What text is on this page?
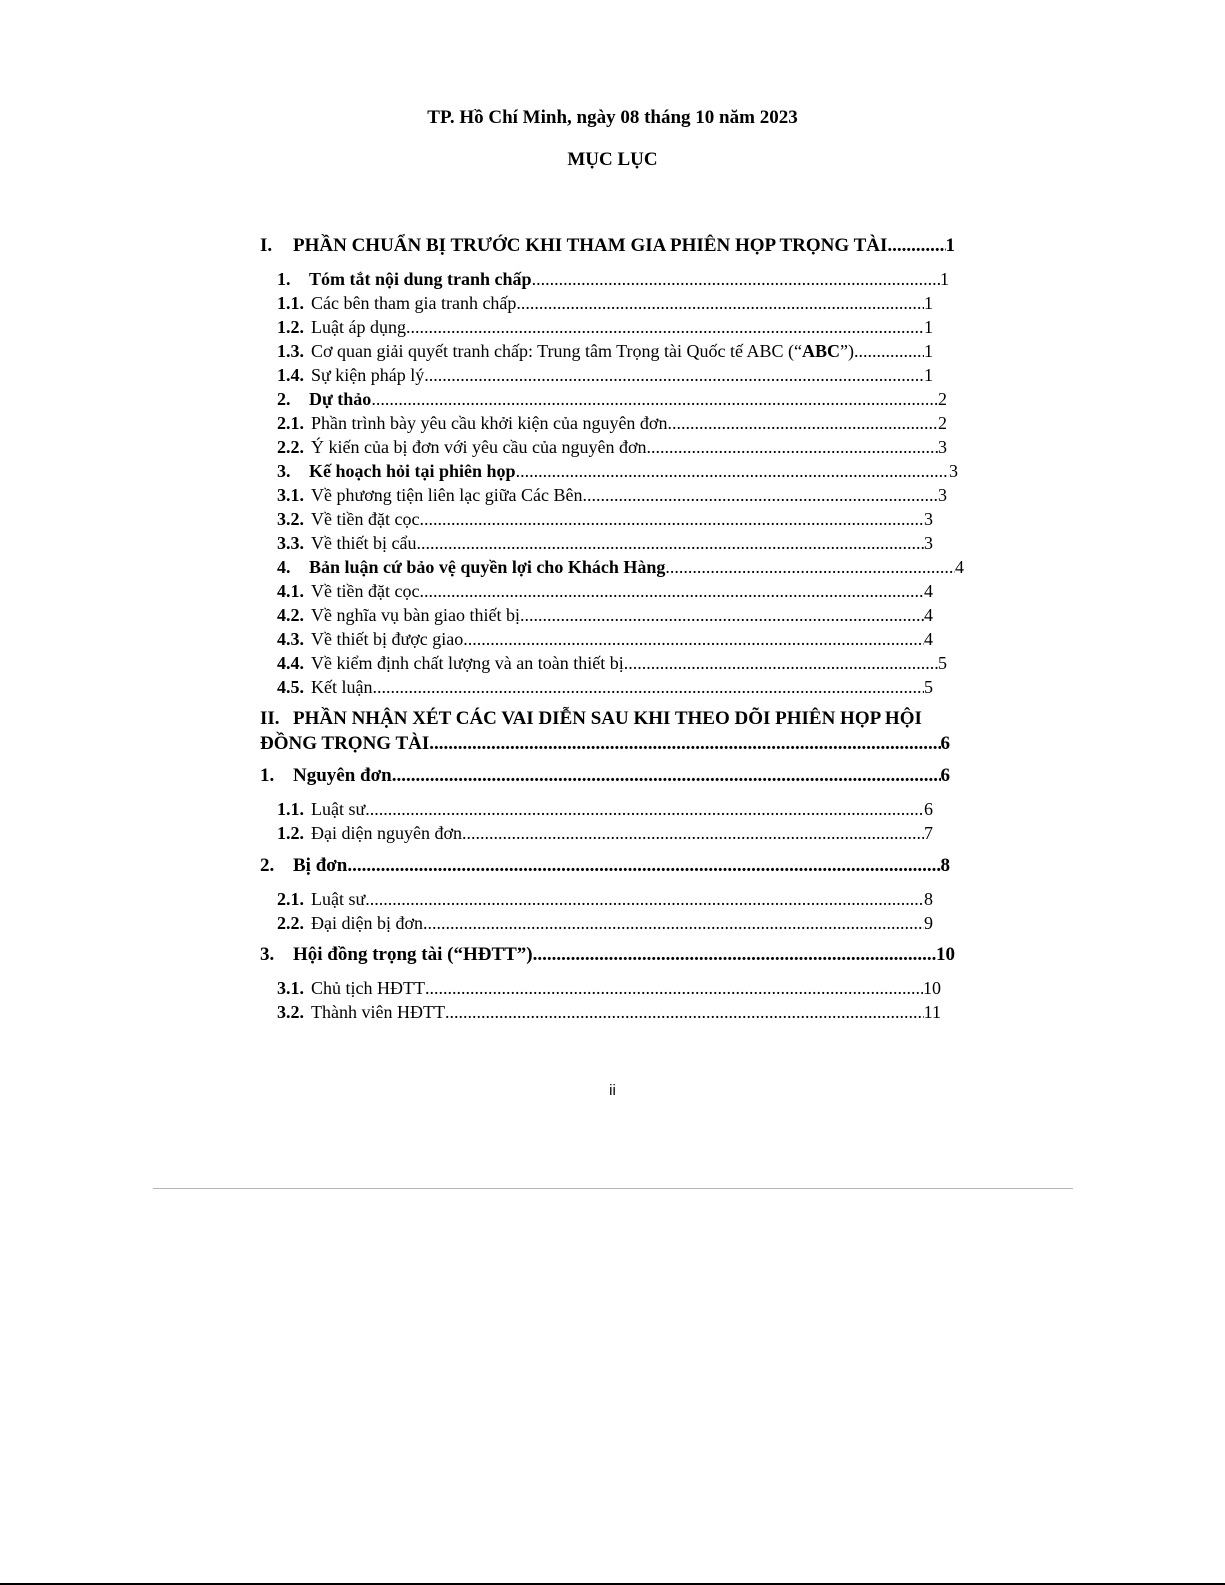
TP. Hồ Chí Minh, ngày 08 tháng 10 năm 2023
MỤC LỤC
I.	PHẦN CHUẨN BỊ TRƯỚC KHI THAM GIA PHIÊN HỌP TRỌNG TÀI .....	1
1.	Tóm tắt nội dung tranh chấp .....	1
1.1. Các bên tham gia tranh chấp .....	1
1.2. Luật áp dụng .....	1
1.3. Cơ quan giải quyết tranh chấp: Trung tâm Trọng tài Quốc tế ABC (“ABC”) .....	1
1.4. Sự kiện pháp lý .....	1
2.	Dự thảo .....	2
2.1. Phần trình bày yêu cầu khởi kiện của nguyên đơn .....	2
2.2. Ý kiến của bị đơn với yêu cầu của nguyên đơn .....	3
3.	Kế hoạch hỏi tại phiên họp .....	3
3.1. Về phương tiện liên lạc giữa Các Bên .....	3
3.2. Về tiền đặt cọc .....	3
3.3. Về thiết bị cẩu .....	3
4.	Bản luận cứ bảo vệ quyền lợi cho Khách Hàng .....	4
4.1. Về tiền đặt cọc .....	4
4.2. Về nghĩa vụ bàn giao thiết bị .....	4
4.3. Về thiết bị được giao .....	4
4.4. Về kiểm định chất lượng và an toàn thiết bị .....	5
4.5. Kết luận .....	5
II. PHẦN NHẬN XÉT CÁC VAI DIỄN SAU KHI THEO DÕI PHIÊN HỌP HỘI
ĐỒNG TRỌNG TÀI .....	6
1. Nguyên đơn .....	6
1.1. Luật sư .....	6
1.2. Đại diện nguyên đơn .....	7
2. Bị đơn .....	8
2.1. Luật sư .....	8
2.2. Đại diện bị đơn .....	9
3. Hội đồng trọng tài (“HĐTT”) .....	10
3.1. Chủ tịch HĐTT .....	10
3.2. Thành viên HĐTT .....	11
ii
